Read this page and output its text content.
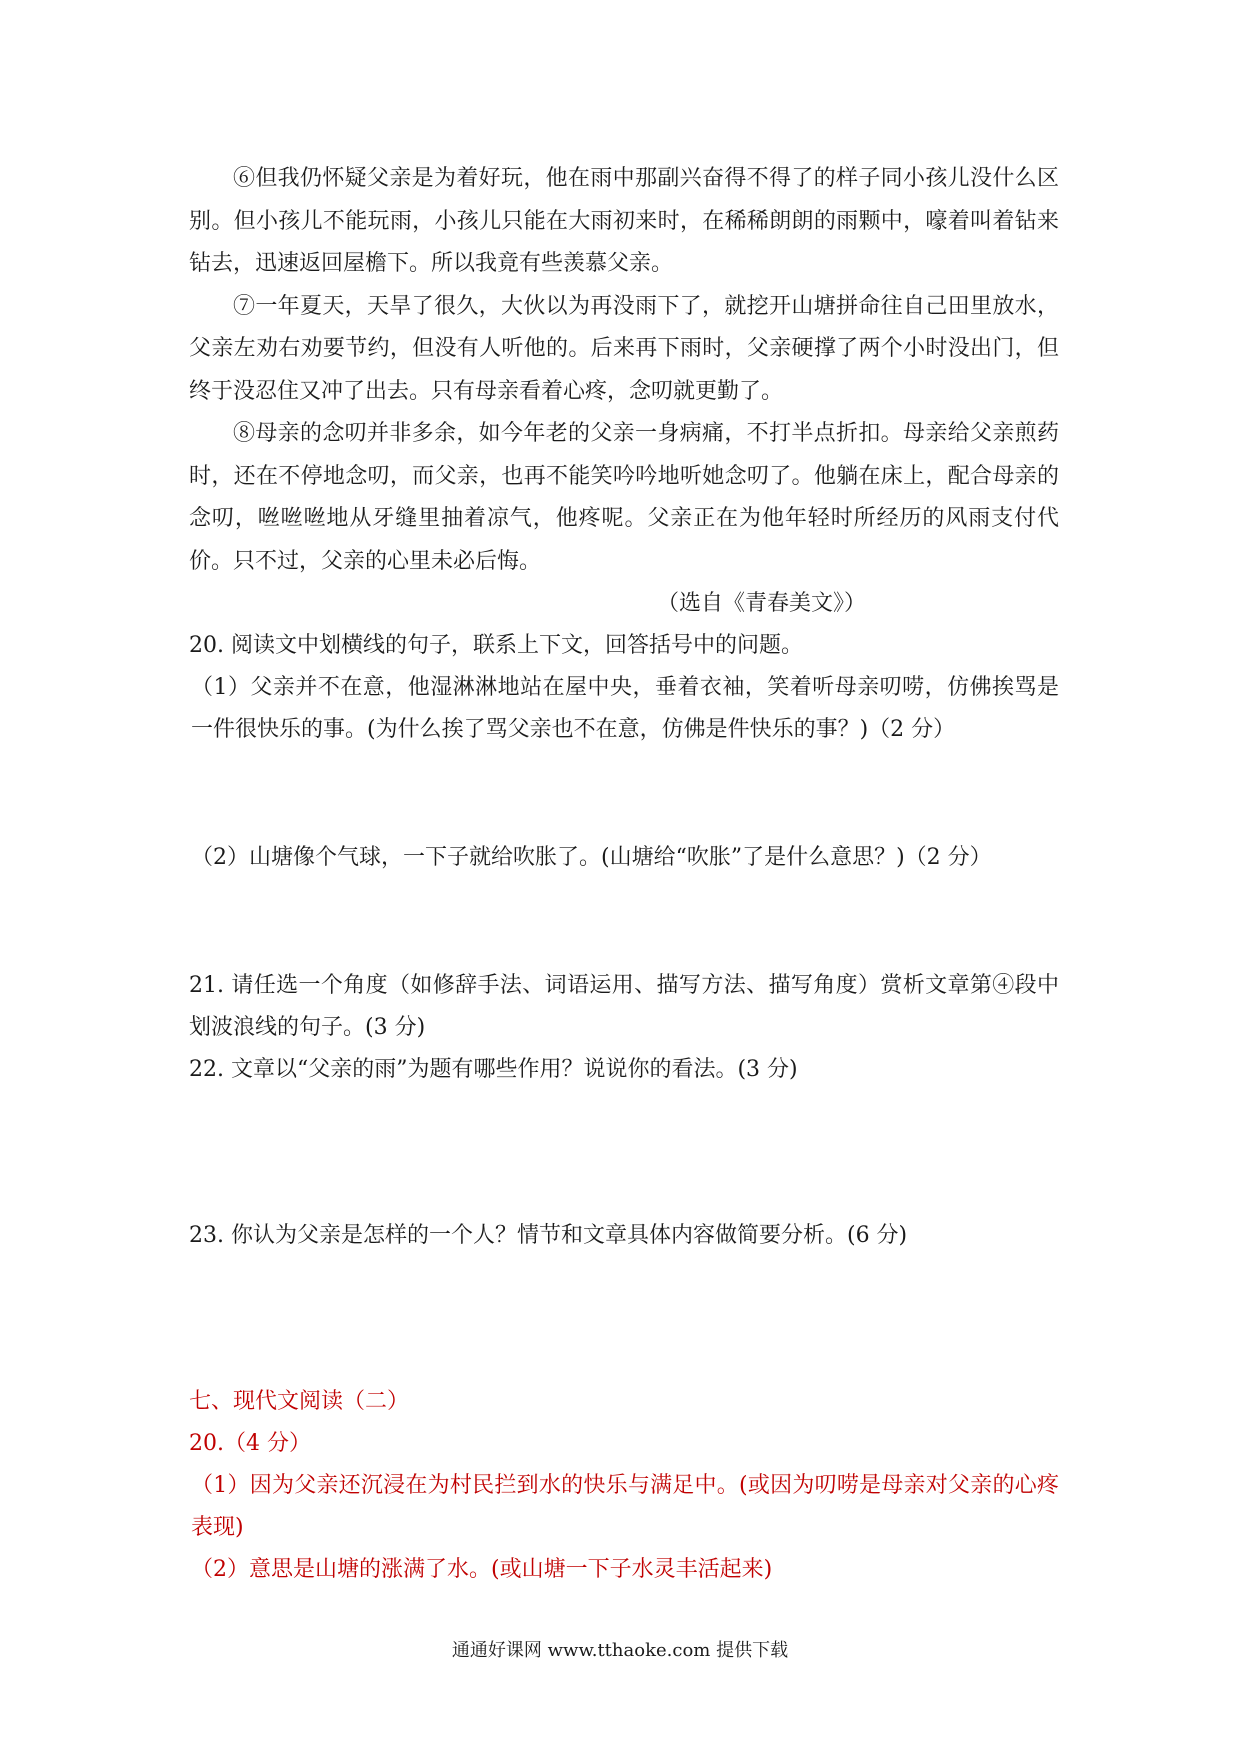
⑥但我仍怀疑父亲是为着好玩，他在雨中那副兴奋得不得了的样子同小孩儿没什么区别。但小孩儿不能玩雨，小孩儿只能在大雨初来时，在稀稀朗朗的雨颗中，嚎着叫着钻来钻去，迅速返回屋檐下。所以我竟有些羡慕父亲。

⑦一年夏天，天旱了很久，大伙以为再没雨下了，就挖开山塘拼命往自己田里放水，父亲左劝右劝要节约，但没有人听他的。后来再下雨时，父亲硬撑了两个小时没出门，但终于没忍住又冲了出去。只有母亲看着心疼，念叨就更勤了。

⑧母亲的念叨并非多余，如今年老的父亲一身病痛，不打半点折扣。母亲给父亲煎药时，还在不停地念叨，而父亲，也再不能笑吟吟地听她念叨了。他躺在床上，配合母亲的念叨，咝咝咝地从牙缝里抽着凉气，他疼呢。父亲正在为他年轻时所经历的风雨支付代价。只不过，父亲的心里未必后悔。

（选自《青春美文》）

20. 阅读文中划横线的句子，联系上下文，回答括号中的问题。

（1）父亲并不在意，他湿淋淋地站在屋中央，垂着衣袖，笑着听母亲叨唠，仿佛挨骂是一件很快乐的事。(为什么挨了骂父亲也不在意，仿佛是件快乐的事？)（2 分）

（2）山塘像个气球，一下子就给吹胀了。(山塘给“吹胀”了是什么意思？)（2 分）

21. 请任选一个角度（如修辞手法、词语运用、描写方法、描写角度）赏析文章第④段中划波浪线的句子。(3 分)

22. 文章以“父亲的雨”为题有哪些作用？说说你的看法。(3 分)

23. 你认为父亲是怎样的一个人？情节和文章具体内容做简要分析。(6 分)

七、现代文阅读（二）

20.（4 分）

（1）因为父亲还沉浸在为村民拦到水的快乐与满足中。(或因为叨唠是母亲对父亲的心疼表现)

（2）意思是山塘的涨满了水。(或山塘一下子水灵丰活起来)

通通好课网 www.tthaoke.com 提供下载
